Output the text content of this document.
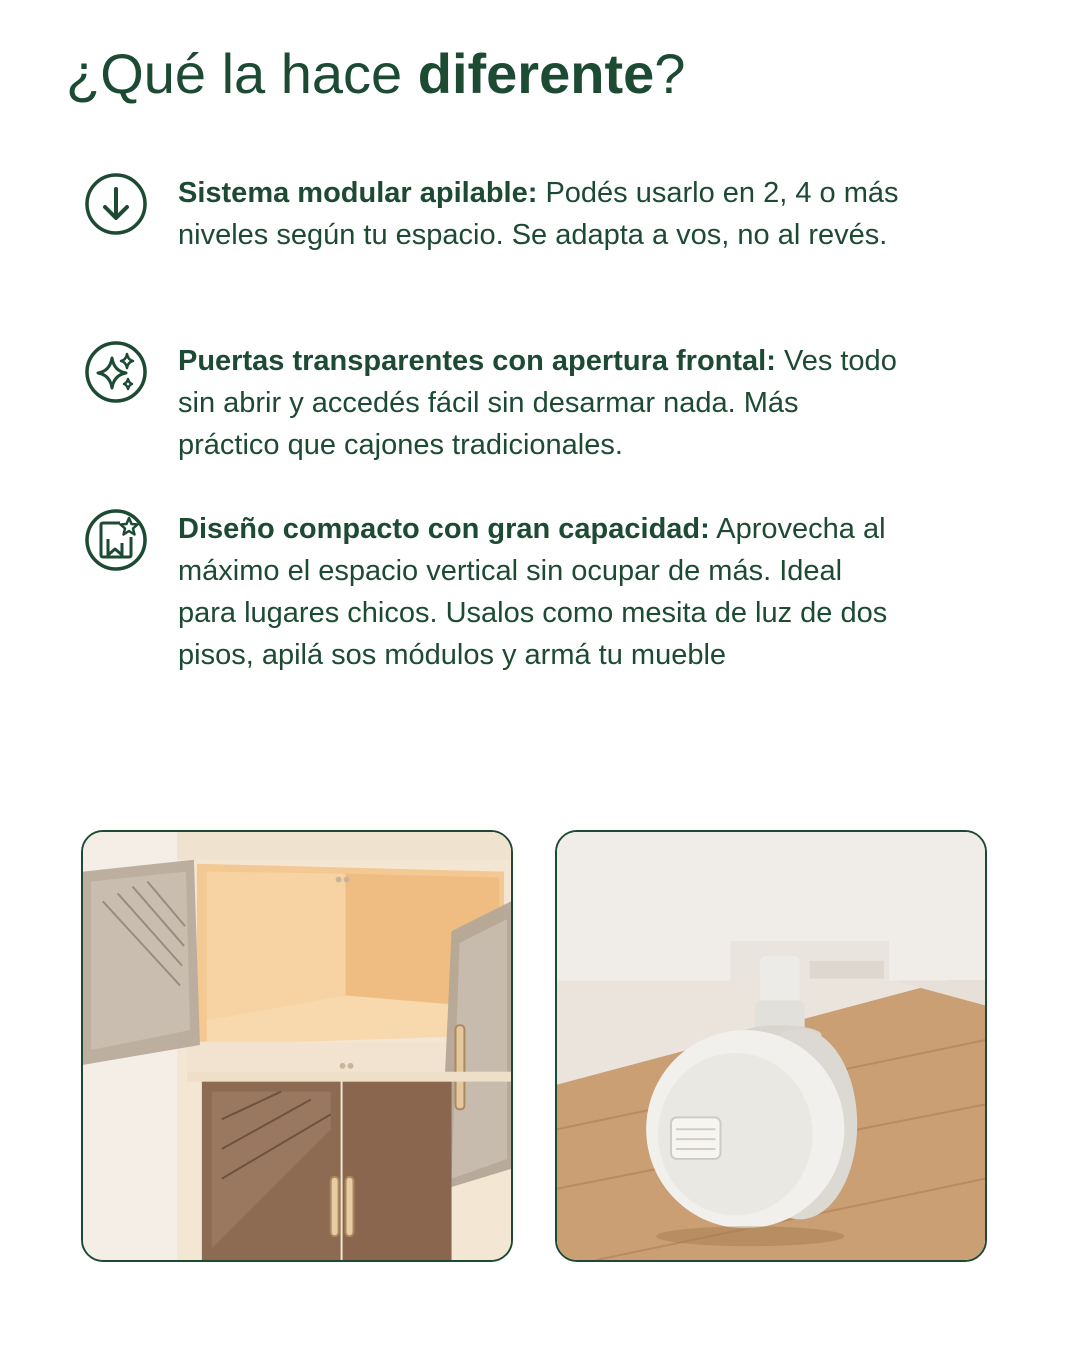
¿Qué la hace diferente?
Sistema modular apilable: Podés usarlo en 2, 4 o más niveles según tu espacio. Se adapta a vos, no al revés.
Puertas transparentes con apertura frontal: Ves todo sin abrir y accedés fácil sin desarmar nada. Más práctico que cajones tradicionales.
Diseño compacto con gran capacidad: Aprovecha al máximo el espacio vertical sin ocupar de más. Ideal para lugares chicos. Usalos como mesita de luz de dos pisos, apilá sos módulos y armá tu mueble
